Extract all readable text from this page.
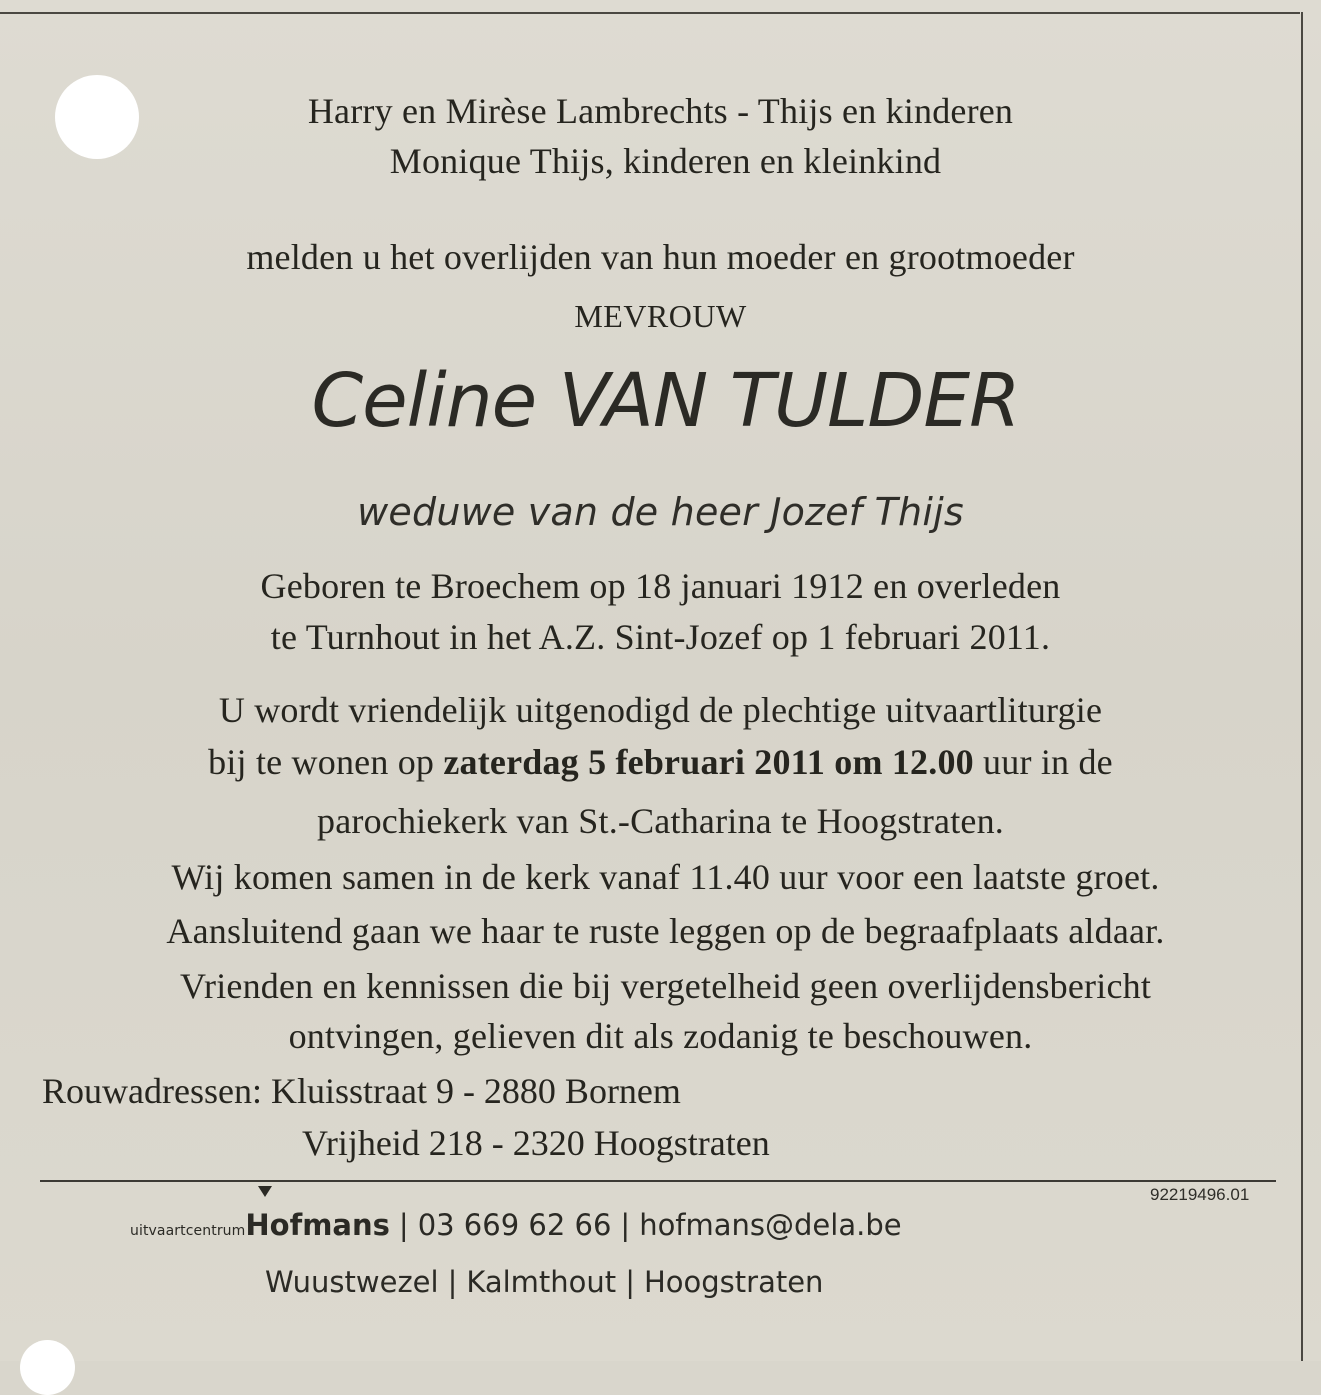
Harry en Mirèse Lambrechts - Thijs en kinderen
Monique Thijs, kinderen en kleinkind
melden u het overlijden van hun moeder en grootmoeder
MEVROUW
Celine VAN TULDER
weduwe van de heer Jozef Thijs
Geboren te Broechem op 18 januari 1912 en overleden
te Turnhout in het A.Z. Sint-Jozef op 1 februari 2011.
U wordt vriendelijk uitgenodigd de plechtige uitvaartliturgie
bij te wonen op zaterdag 5 februari 2011 om 12.00 uur in de
parochiekerk van St.-Catharina te Hoogstraten.
Wij komen samen in de kerk vanaf 11.40 uur voor een laatste groet.
Aansluitend gaan we haar te ruste leggen op de begraafplaats aldaar.
Vrienden en kennissen die bij vergetelheid geen overlijdensbericht
ontvingen, gelieven dit als zodanig te beschouwen.
Rouwadressen: Kluisstraat 9 - 2880 Bornem
Vrijheid 218 - 2320 Hoogstraten
92219496.01
uitvaartcentrumHofmans | 03 669 62 66 | hofmans@dela.be
Wuustwezel | Kalmthout | Hoogstraten
